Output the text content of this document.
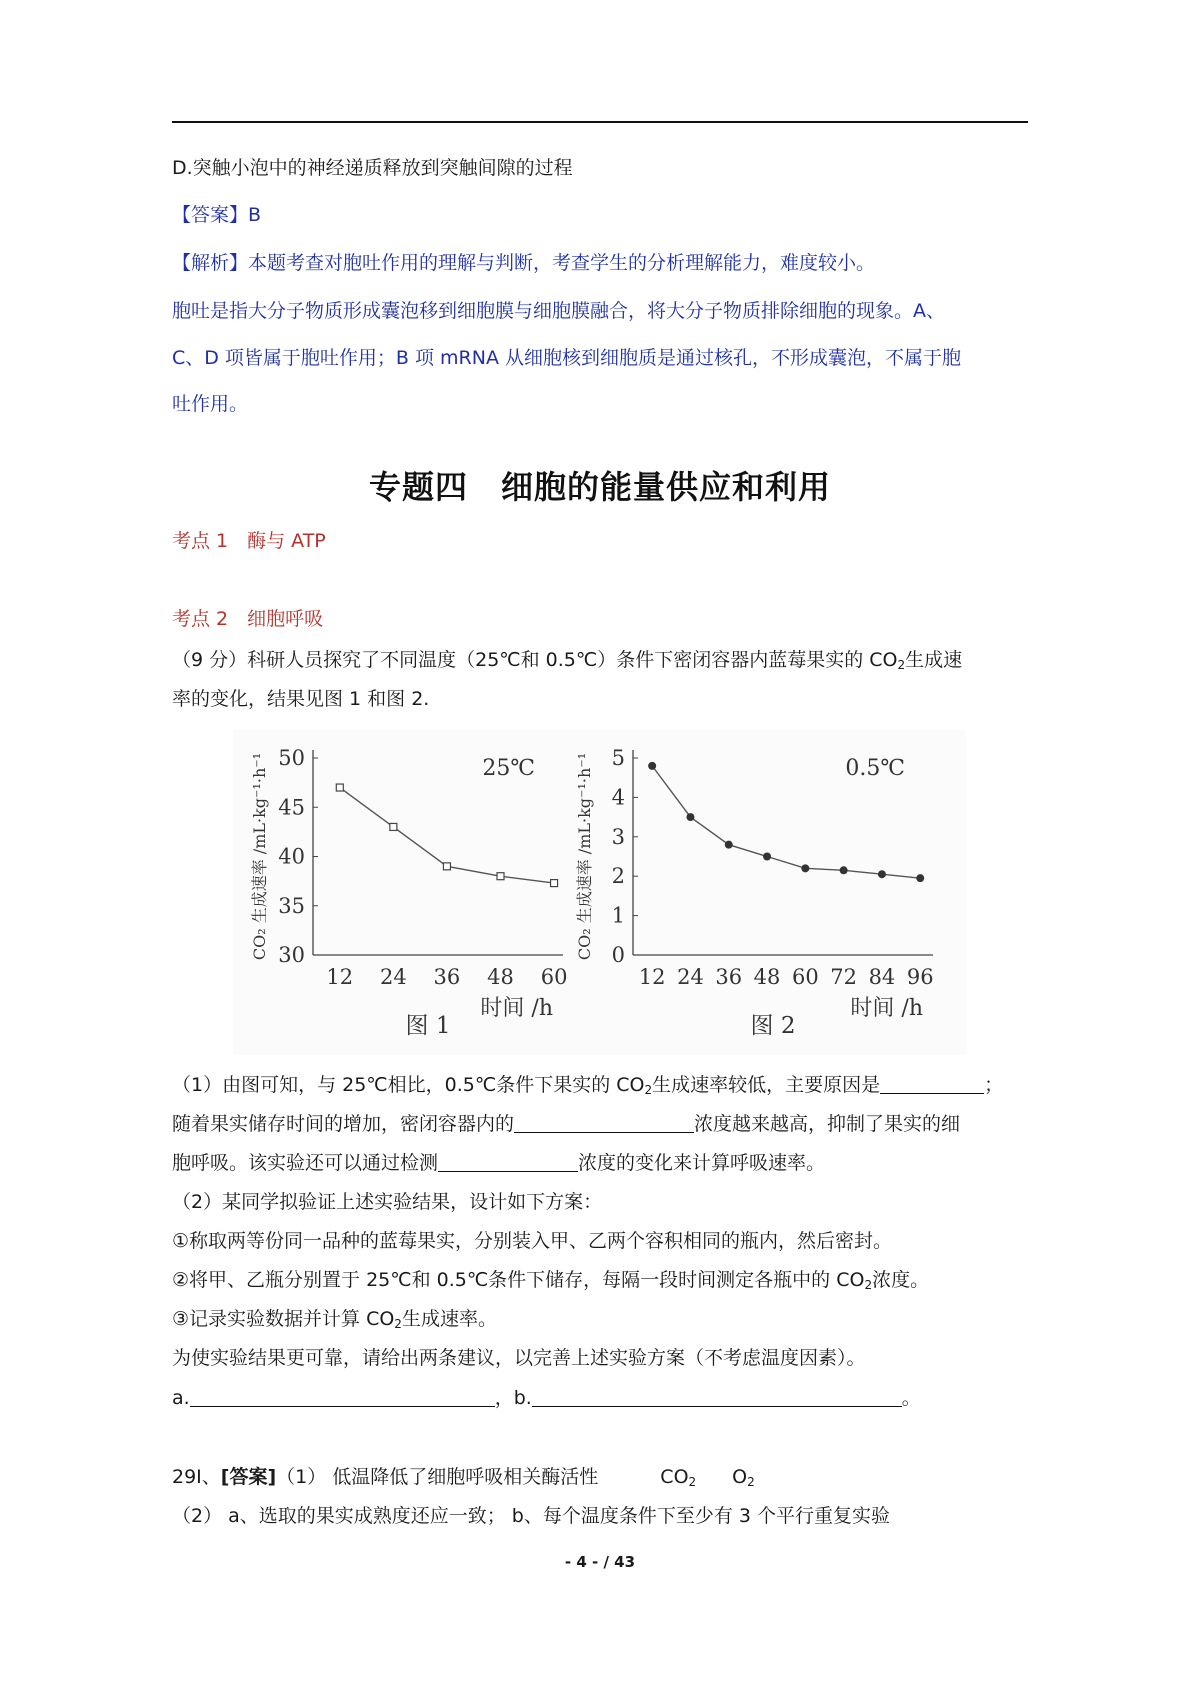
D.突触小泡中的神经递质释放到突触间隙的过程
【答案】B
【解析】本题考查对胞吐作用的理解与判断，考查学生的分析理解能力，难度较小。
胞吐是指大分子物质形成囊泡移到细胞膜与细胞膜融合，将大分子物质排除细胞的现象。A、
C、D 项皆属于胞吐作用；B 项 mRNA 从细胞核到细胞质是通过核孔，不形成囊泡，不属于胞
吐作用。
专题四　细胞的能量供应和利用
考点 1　酶与 ATP
考点 2　细胞呼吸
（9 分）科研人员探究了不同温度（25℃和 0.5℃）条件下密闭容器内蓝莓果实的 $CO_2$生成速
率的变化，结果见图 1 和图 2.
30
35
40
45
50
12 24 36 48 60
25℃
时间 /h
CO₂ 生成速率 /mL·kg⁻¹·h⁻¹
图 1
0
1
2
3
4
5
12 24 36 48 60 72 84 96
0.5℃
时间 /h
CO₂ 生成速率 /mL·kg⁻¹·h⁻¹
图 2
（1）由图可知，与 25℃相比，0.5℃条件下果实的 $CO_2$生成速率较低，主要原因是	；
随着果实储存时间的增加，密闭容器内的	浓度越来越高，抑制了果实的细
胞呼吸。该实验还可以通过检测	浓度的变化来计算呼吸速率。
（2）某同学拟验证上述实验结果，设计如下方案：
①称取两等份同一品种的蓝莓果实，分别装入甲、乙两个容积相同的瓶内，然后密封。
②将甲、乙瓶分别置于 25℃和 0.5℃条件下储存，每隔一段时间测定各瓶中的 $CO_2$浓度。
③记录实验数据并计算 $CO_2$生成速率。
为使实验结果更可靠，请给出两条建议，以完善上述实验方案（不考虑温度因素）。
a.	，b.	。
29Ⅰ、[答案]（1） 低温降低了细胞呼吸相关酶活性	$CO_2$ $O_2$
（2） a、选取的果实成熟度还应一致； b、每个温度条件下至少有 3 个平行重复实验
- 4 - / 43
